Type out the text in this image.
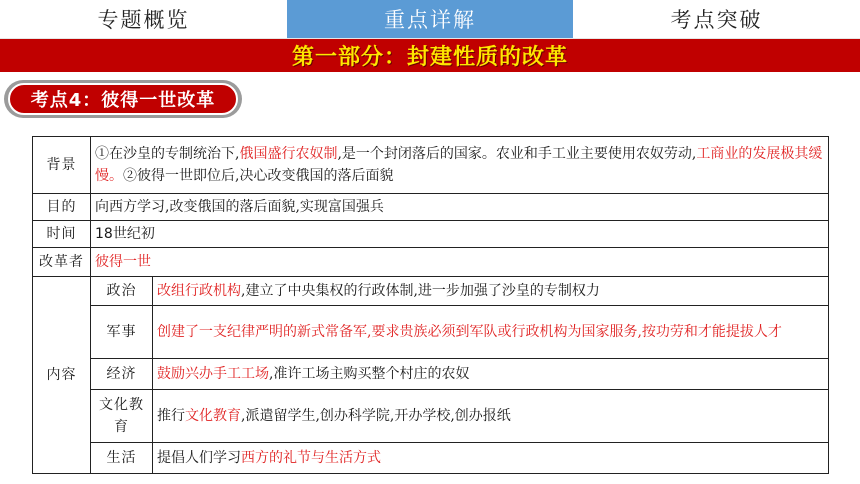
专题概览	重点详解	考点突破
第一部分：封建性质的改革
考点4：彼得一世改革
背景	①在沙皇的专制统治下,俄国盛行农奴制,是一个封闭落后的国家。农业和手工业主要使用农奴劳动,工商业的发展极其缓慢。②彼得一世即位后,决心改变俄国的落后面貌	
目的	向西方学习,改变俄国的落后面貌,实现富国强兵	
时间	18世纪初	
改革者	彼得一世	
内容	政治	改组行政机构,建立了中央集权的行政体制,进一步加强了沙皇的专制权力
	军事	创建了一支纪律严明的新式常备军,要求贵族必须到军队或行政机构为国家服务,按功劳和才能提拔人才
	经济	鼓励兴办手工工场,准许工场主购买整个村庄的农奴
	文化教育	推行文化教育,派遣留学生,创办科学院,开办学校,创办报纸
	生活	提倡人们学习西方的礼节与生活方式
